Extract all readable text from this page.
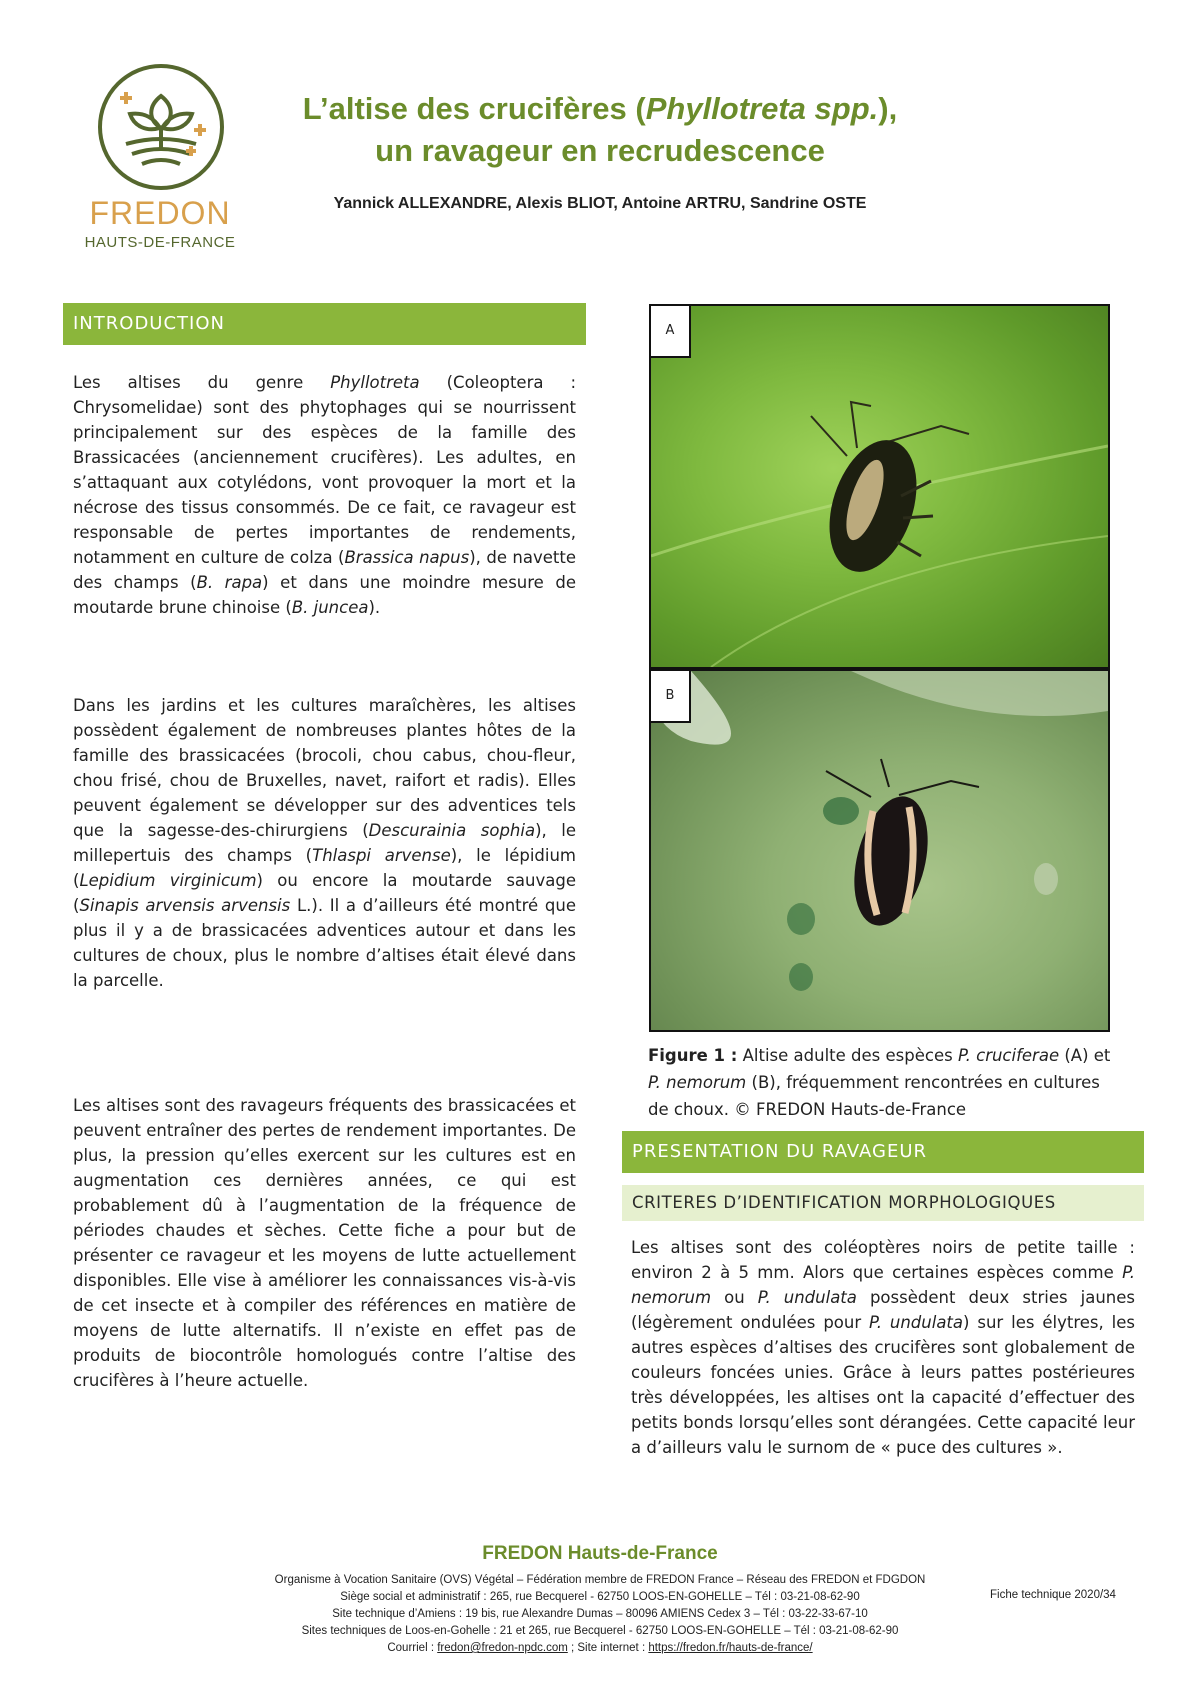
FREDON
HAUTS-DE-FRANCE
L’altise des crucifères (Phyllotreta spp.),
un ravageur en recrudescence
Yannick ALLEXANDRE, Alexis BLIOT, Antoine ARTRU, Sandrine OSTE
INTRODUCTION

Les altises du genre Phyllotreta (Coleoptera : Chrysomelidae) sont des phytophages qui se nourrissent principalement sur des espèces de la famille des Brassicacées (anciennement crucifères). Les adultes, en s’attaquant aux cotylédons, vont provoquer la mort et la nécrose des tissus consommés. De ce fait, ce ravageur est responsable de pertes importantes de rendements, notamment en culture de colza (Brassica napus), de navette des champs (B. rapa) et dans une moindre mesure de moutarde brune chinoise (B. juncea).

Dans les jardins et les cultures maraîchères, les altises possèdent également de nombreuses plantes hôtes de la famille des brassicacées (brocoli, chou cabus, chou-fleur, chou frisé, chou de Bruxelles, navet, raifort et radis). Elles peuvent également se développer sur des adventices tels que la sagesse-des-chirurgiens (Descurainia sophia), le millepertuis des champs (Thlaspi arvense), le lépidium (Lepidium virginicum) ou encore la moutarde sauvage (Sinapis arvensis arvensis L.). Il a d’ailleurs été montré que plus il y a de brassicacées adventices autour et dans les cultures de choux, plus le nombre d’altises était élevé dans la parcelle.

Les altises sont des ravageurs fréquents des brassicacées et peuvent entraîner des pertes de rendement importantes. De plus, la pression qu’elles exercent sur les cultures est en augmentation ces dernières années, ce qui est probablement dû à l’augmentation de la fréquence de périodes chaudes et sèches. Cette fiche a pour but de présenter ce ravageur et les moyens de lutte actuellement disponibles. Elle vise à améliorer les connaissances vis-à-vis de cet insecte et à compiler des références en matière de moyens de lutte alternatifs. Il n’existe en effet pas de produits de biocontrôle homologués contre l’altise des crucifères à l’heure actuelle.

A
B

Figure 1 : Altise adulte des espèces P. cruciferae (A) et P. nemorum (B), fréquemment rencontrées en cultures de choux. © FREDON Hauts-de-France

PRESENTATION DU RAVAGEUR
CRITERES D’IDENTIFICATION MORPHOLOGIQUES

Les altises sont des coléoptères noirs de petite taille : environ 2 à 5 mm. Alors que certaines espèces comme P. nemorum ou P. undulata possèdent deux stries jaunes (légèrement ondulées pour P. undulata) sur les élytres, les autres espèces d’altises des crucifères sont globalement de couleurs foncées unies. Grâce à leurs pattes postérieures très développées, les altises ont la capacité d’effectuer des petits bonds lorsqu’elles sont dérangées. Cette capacité leur a d’ailleurs valu le surnom de « puce des cultures ».

FREDON Hauts-de-France
Organisme à Vocation Sanitaire (OVS) Végétal – Fédération membre de FREDON France – Réseau des FREDON et FDGDON
Siège social et administratif : 265, rue Becquerel - 62750 LOOS-EN-GOHELLE – Tél : 03-21-08-62-90
Site technique d’Amiens : 19 bis, rue Alexandre Dumas – 80096 AMIENS Cedex 3 – Tél : 03-22-33-67-10
Sites techniques de Loos-en-Gohelle : 21 et 265, rue Becquerel - 62750 LOOS-EN-GOHELLE – Tél : 03-21-08-62-90
Courriel : fredon@fredon-npdc.com ; Site internet : https://fredon.fr/hauts-de-france/
Fiche technique 2020/34
